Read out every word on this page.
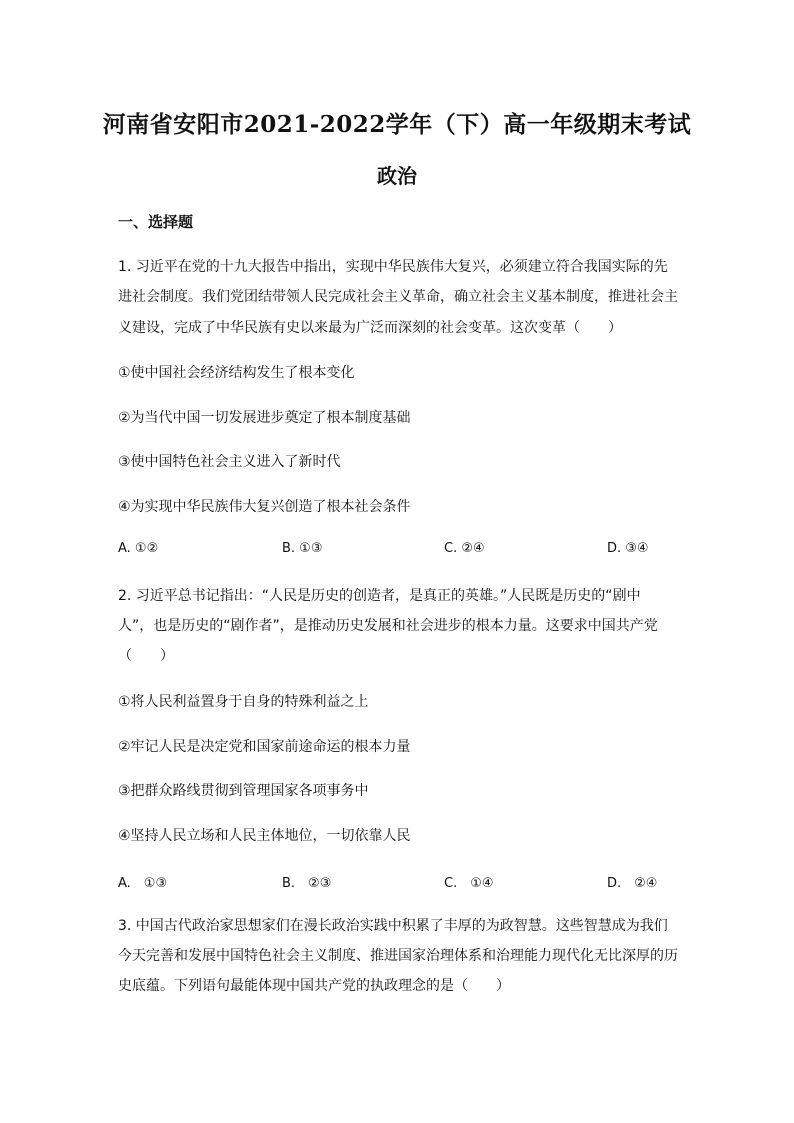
河南省安阳市2021-2022学年（下）高一年级期末考试
政治
一、选择题
1. 习近平在党的十九大报告中指出，实现中华民族伟大复兴，必须建立符合我国实际的先
进社会制度。我们党团结带领人民完成社会主义革命，确立社会主义基本制度，推进社会主
义建设，完成了中华民族有史以来最为广泛而深刻的社会变革。这次变革（　　）
①使中国社会经济结构发生了根本变化
②为当代中国一切发展进步奠定了根本制度基础
③使中国特色社会主义进入了新时代
④为实现中华民族伟大复兴创造了根本社会条件
A. ①②	B. ①③	C. ②④	D. ③④
2. 习近平总书记指出：“人民是历史的创造者，是真正的英雄。”人民既是历史的“剧中
人”，也是历史的“剧作者”，是推动历史发展和社会进步的根本力量。这要求中国共产党
（　　）
①将人民利益置身于自身的特殊利益之上
②牢记人民是决定党和国家前途命运的根本力量
③把群众路线贯彻到管理国家各项事务中
④坚持人民立场和人民主体地位，一切依靠人民
A.　①③	B.　②③	C.　①④	D.　②④
3. 中国古代政治家思想家们在漫长政治实践中积累了丰厚的为政智慧。这些智慧成为我们
今天完善和发展中国特色社会主义制度、推进国家治理体系和治理能力现代化无比深厚的历
史底蕴。下列语句最能体现中国共产党的执政理念的是（　　）
